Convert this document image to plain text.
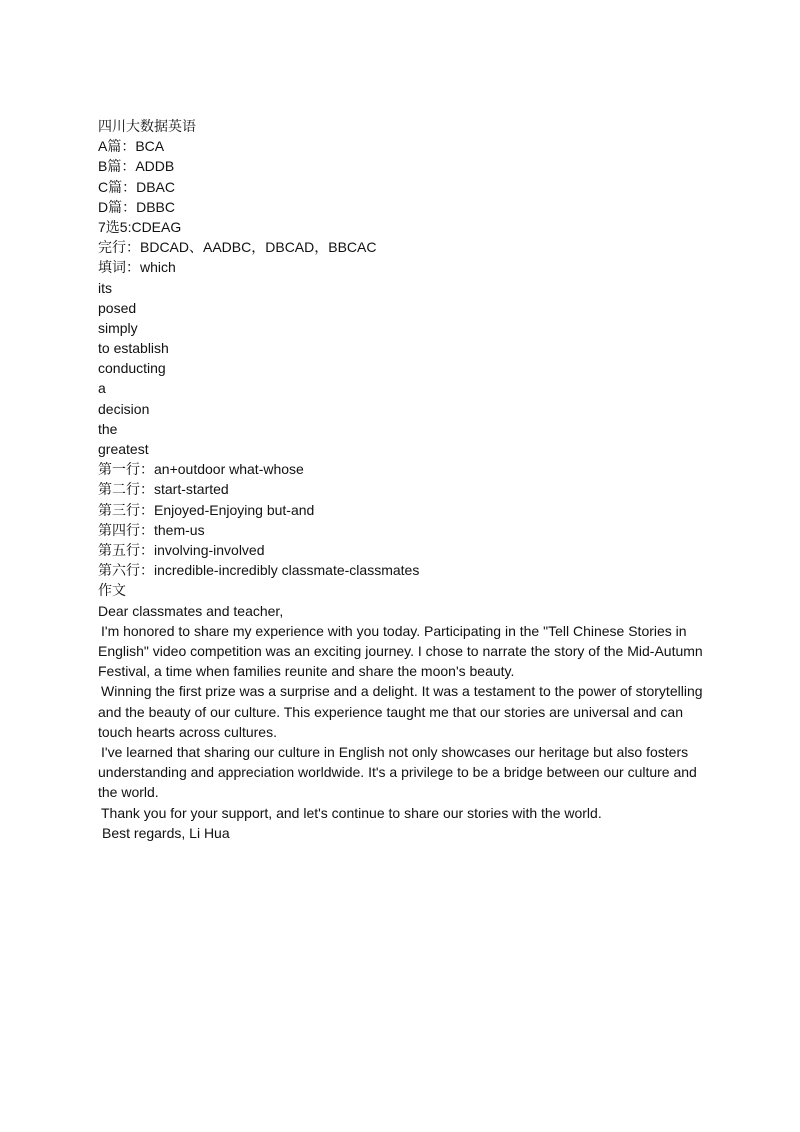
四川大数据英语
A篇：BCA
B篇：ADDB
C篇：DBAC
D篇：DBBC
7选5:CDEAG
完行：BDCAD、AADBC，DBCAD，BBCAC
填词：which
its
posed
simply
to establish
conducting
a
decision
the
greatest
第一行：an+outdoor what-whose
第二行：start-started
第三行：Enjoyed-Enjoying but-and
第四行：them-us
第五行：involving-involved
第六行：incredible-incredibly classmate-classmates
作文
Dear classmates and teacher,

I'm honored to share my experience with you today. Participating in the "Tell Chinese Stories in English" video competition was an exciting journey. I chose to narrate the story of the Mid-Autumn Festival, a time when families reunite and share the moon's beauty.

Winning the first prize was a surprise and a delight. It was a testament to the power of storytelling and the beauty of our culture. This experience taught me that our stories are universal and can touch hearts across cultures.

I've learned that sharing our culture in English not only showcases our heritage but also fosters understanding and appreciation worldwide. It's a privilege to be a bridge between our culture and the world.

Thank you for your support, and let's continue to share our stories with the world.

Best regards, Li Hua
